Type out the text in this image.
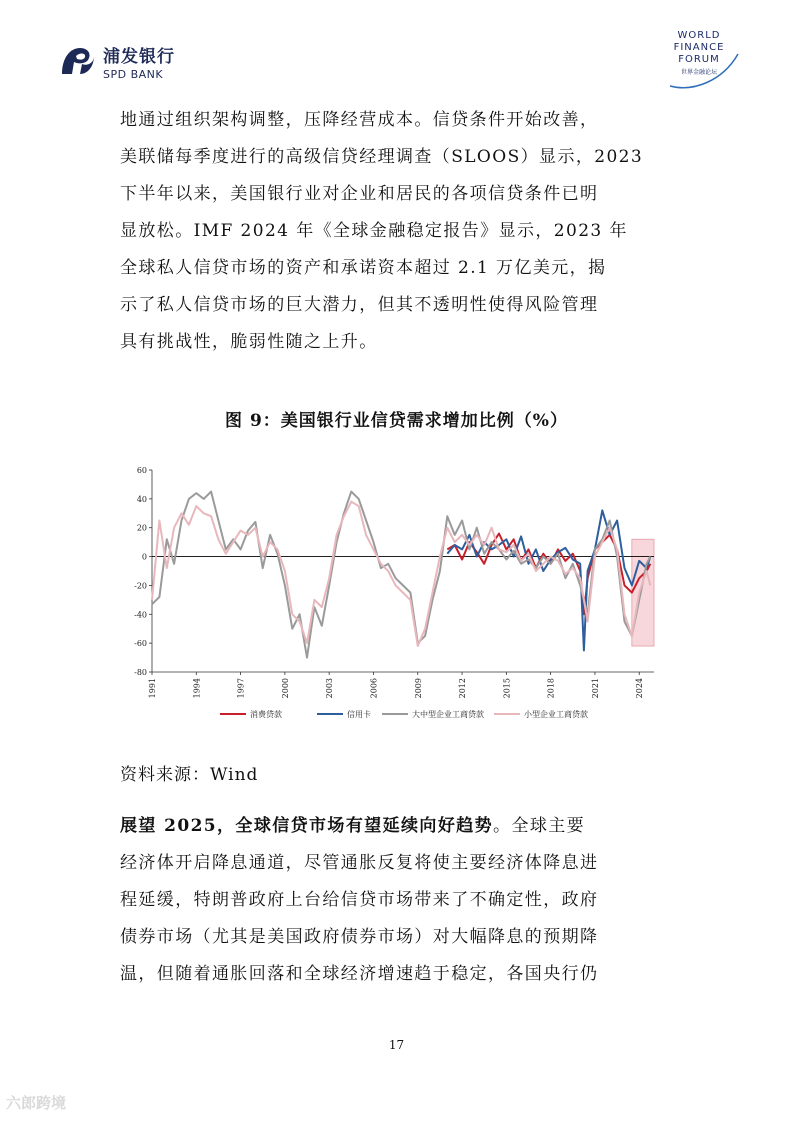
浦发银行
SPD BANK
WORLD
FINANCE
FORUM
世界金融论坛
地通过组织架构调整，压降经营成本。信贷条件开始改善，
美联储每季度进行的高级信贷经理调查（SLOOS）显示，2023
下半年以来，美国银行业对企业和居民的各项信贷条件已明
显放松。IMF 2024 年《全球金融稳定报告》显示，2023 年
全球私人信贷市场的资产和承诺资本超过 2.1 万亿美元，揭
示了私人信贷市场的巨大潜力，但其不透明性使得风险管理
具有挑战性，脆弱性随之上升。
图 9：美国银行业信贷需求增加比例（%）
60
40
20
0
-20
-40
-60
-80
1991	1994	1997	2000	2003	2006	2009	2012	2015	2018	2021	2024
消费贷款	信用卡	大中型企业工商贷款	小型企业工商贷款
资料来源：Wind
展望 2025，全球信贷市场有望延续向好趋势。全球主要
经济体开启降息通道，尽管通胀反复将使主要经济体降息进
程延缓，特朗普政府上台给信贷市场带来了不确定性，政府
债券市场（尤其是美国政府债券市场）对大幅降息的预期降
温，但随着通胀回落和全球经济增速趋于稳定，各国央行仍
17
六郎跨境
